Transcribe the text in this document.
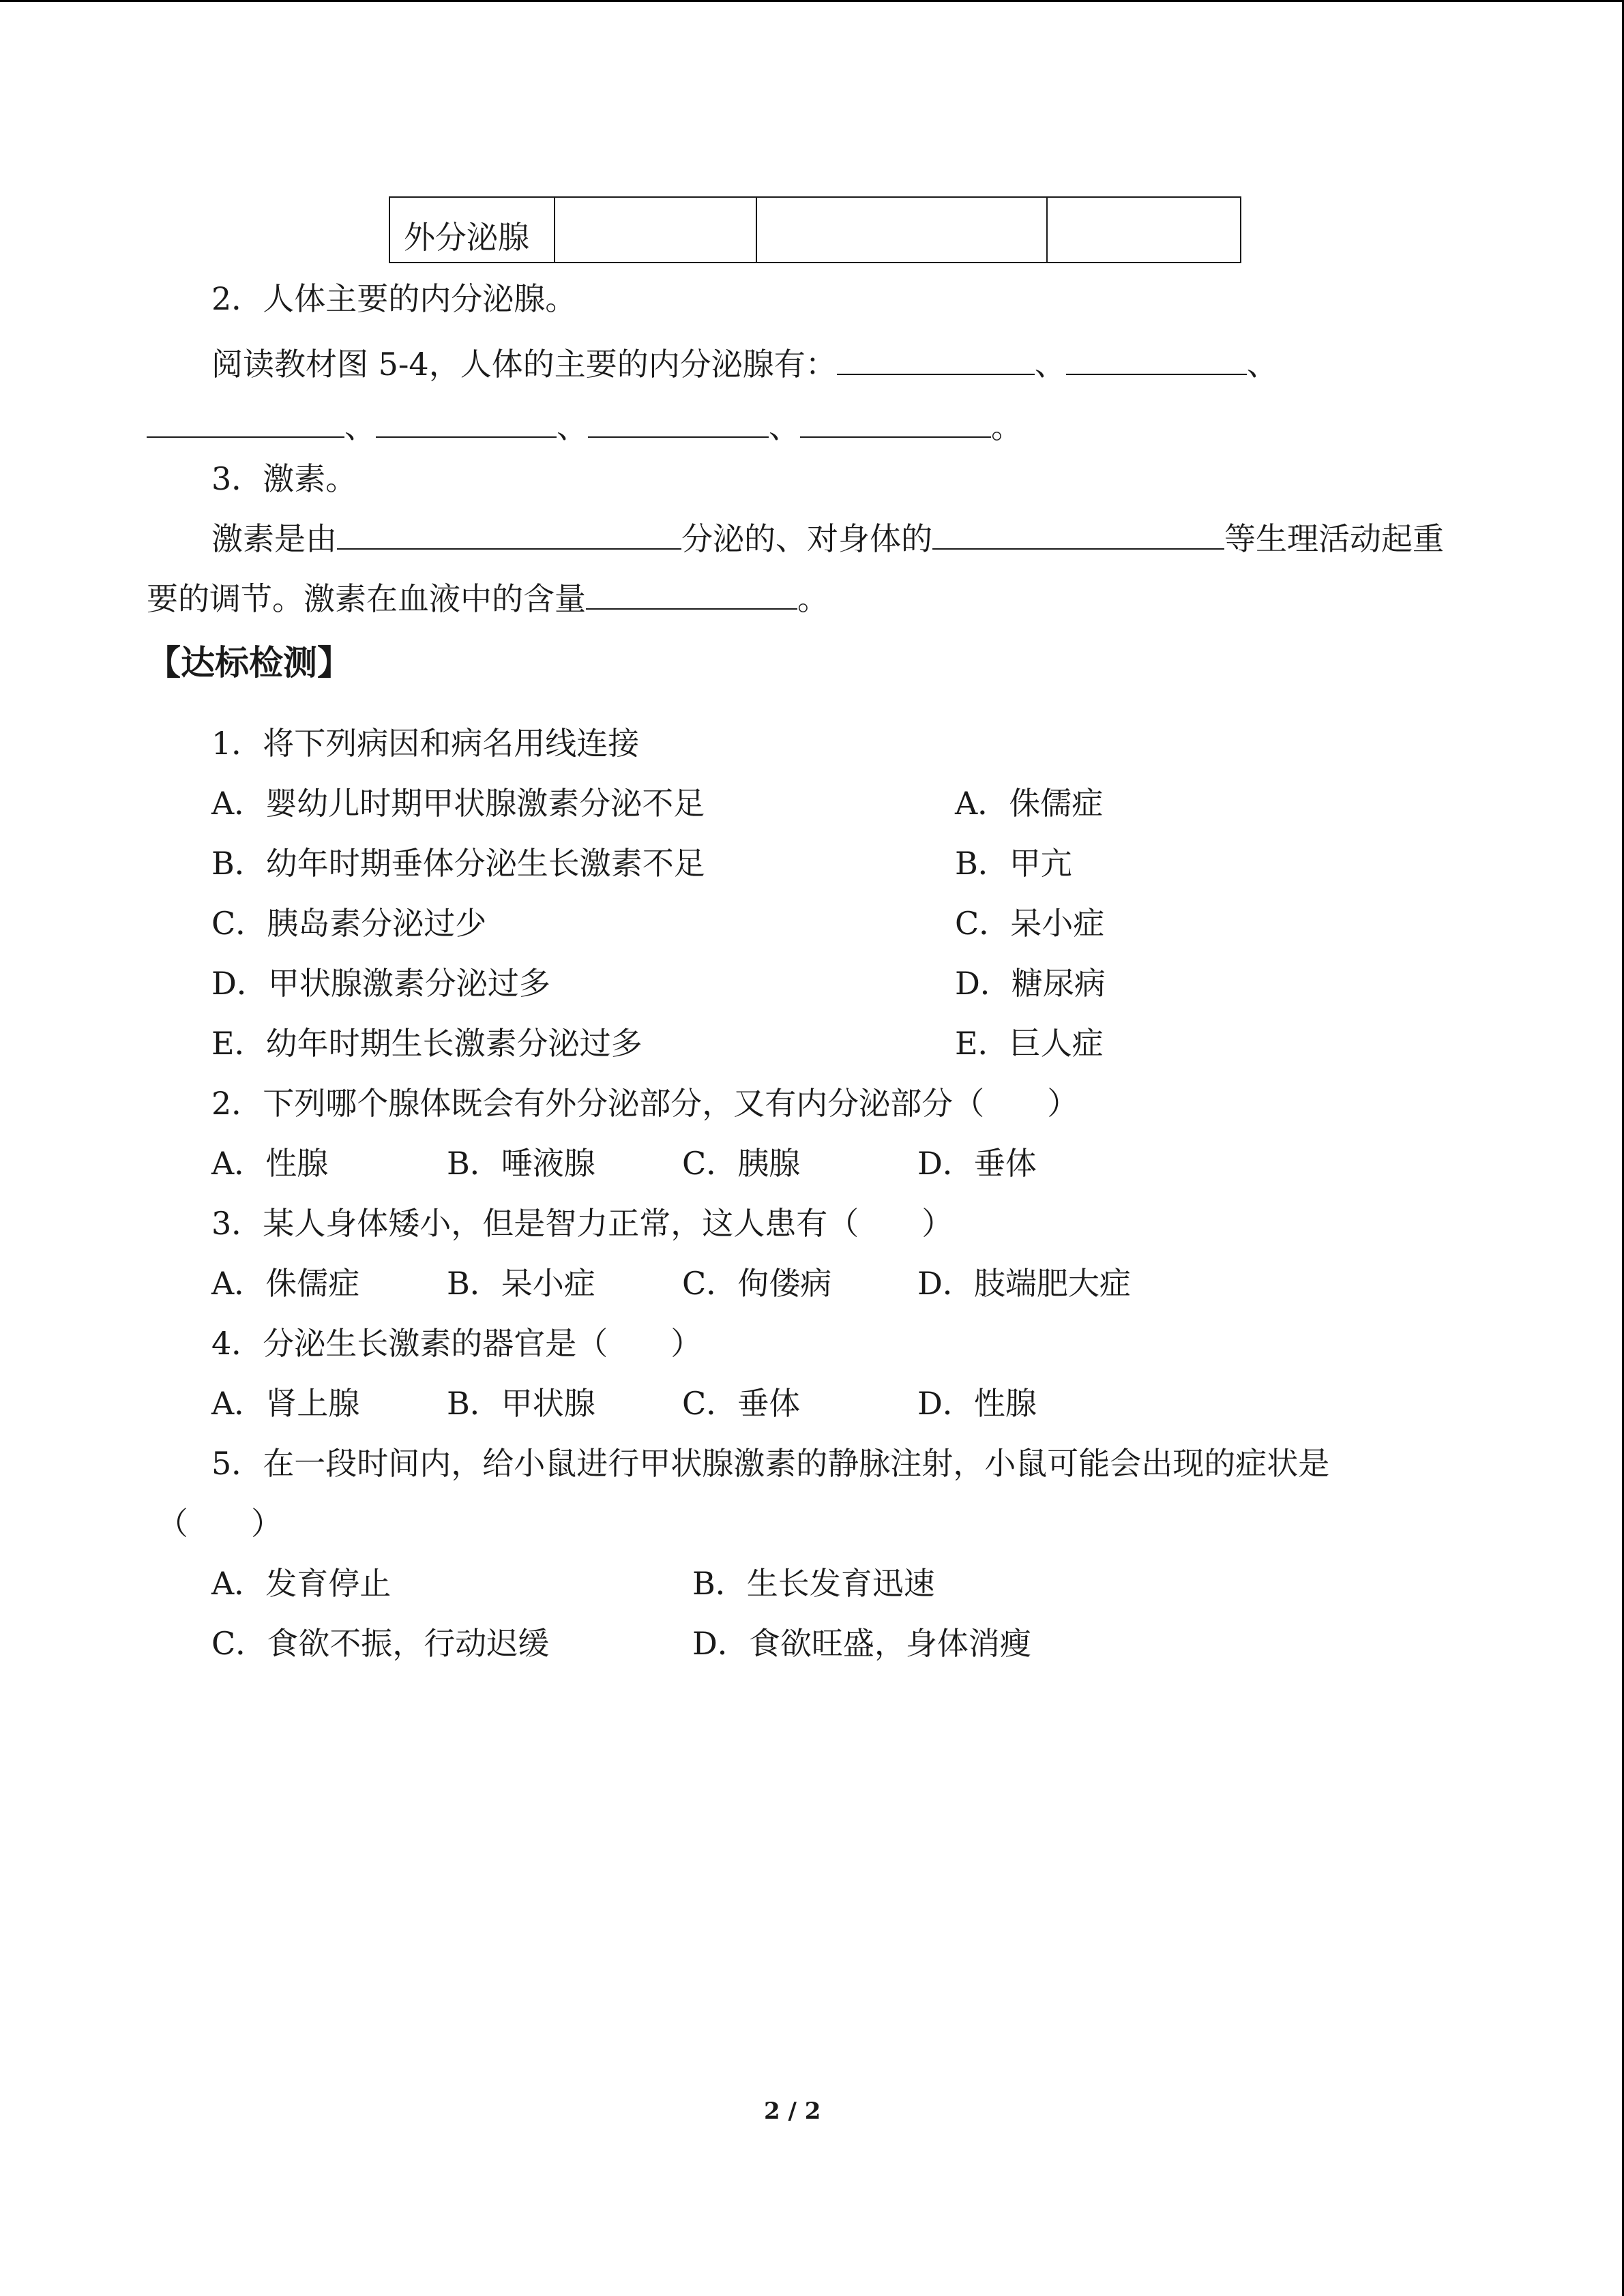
外分泌腺			
2．人体主要的内分泌腺。
阅读教材图 5-4，人体的主要的内分泌腺有：	、	、
、	、	、	。
3．激素。
激素是由	分泌的、对身体的	等生理活动起重
要的调节。激素在血液中的含量	。
【达标检测】
1．将下列病因和病名用线连接
A．婴幼儿时期甲状腺激素分泌不足	A．侏儒症
B．幼年时期垂体分泌生长激素不足	B．甲亢
C．胰岛素分泌过少	C．呆小症
D．甲状腺激素分泌过多	D．糖尿病
E．幼年时期生长激素分泌过多	E．巨人症
2．下列哪个腺体既会有外分泌部分，又有内分泌部分（　　）
A．性腺	B．唾液腺	C．胰腺	D．垂体
3．某人身体矮小，但是智力正常，这人患有（　　）
A．侏儒症	B．呆小症	C．佝偻病	D．肢端肥大症
4．分泌生长激素的器官是（　　）
A．肾上腺	B．甲状腺	C．垂体	D．性腺
5．在一段时间内，给小鼠进行甲状腺激素的静脉注射，小鼠可能会出现的症状是
（　　）
A．发育停止	B．生长发育迅速
C．食欲不振，行动迟缓	D．食欲旺盛，身体消瘦
2 / 2
